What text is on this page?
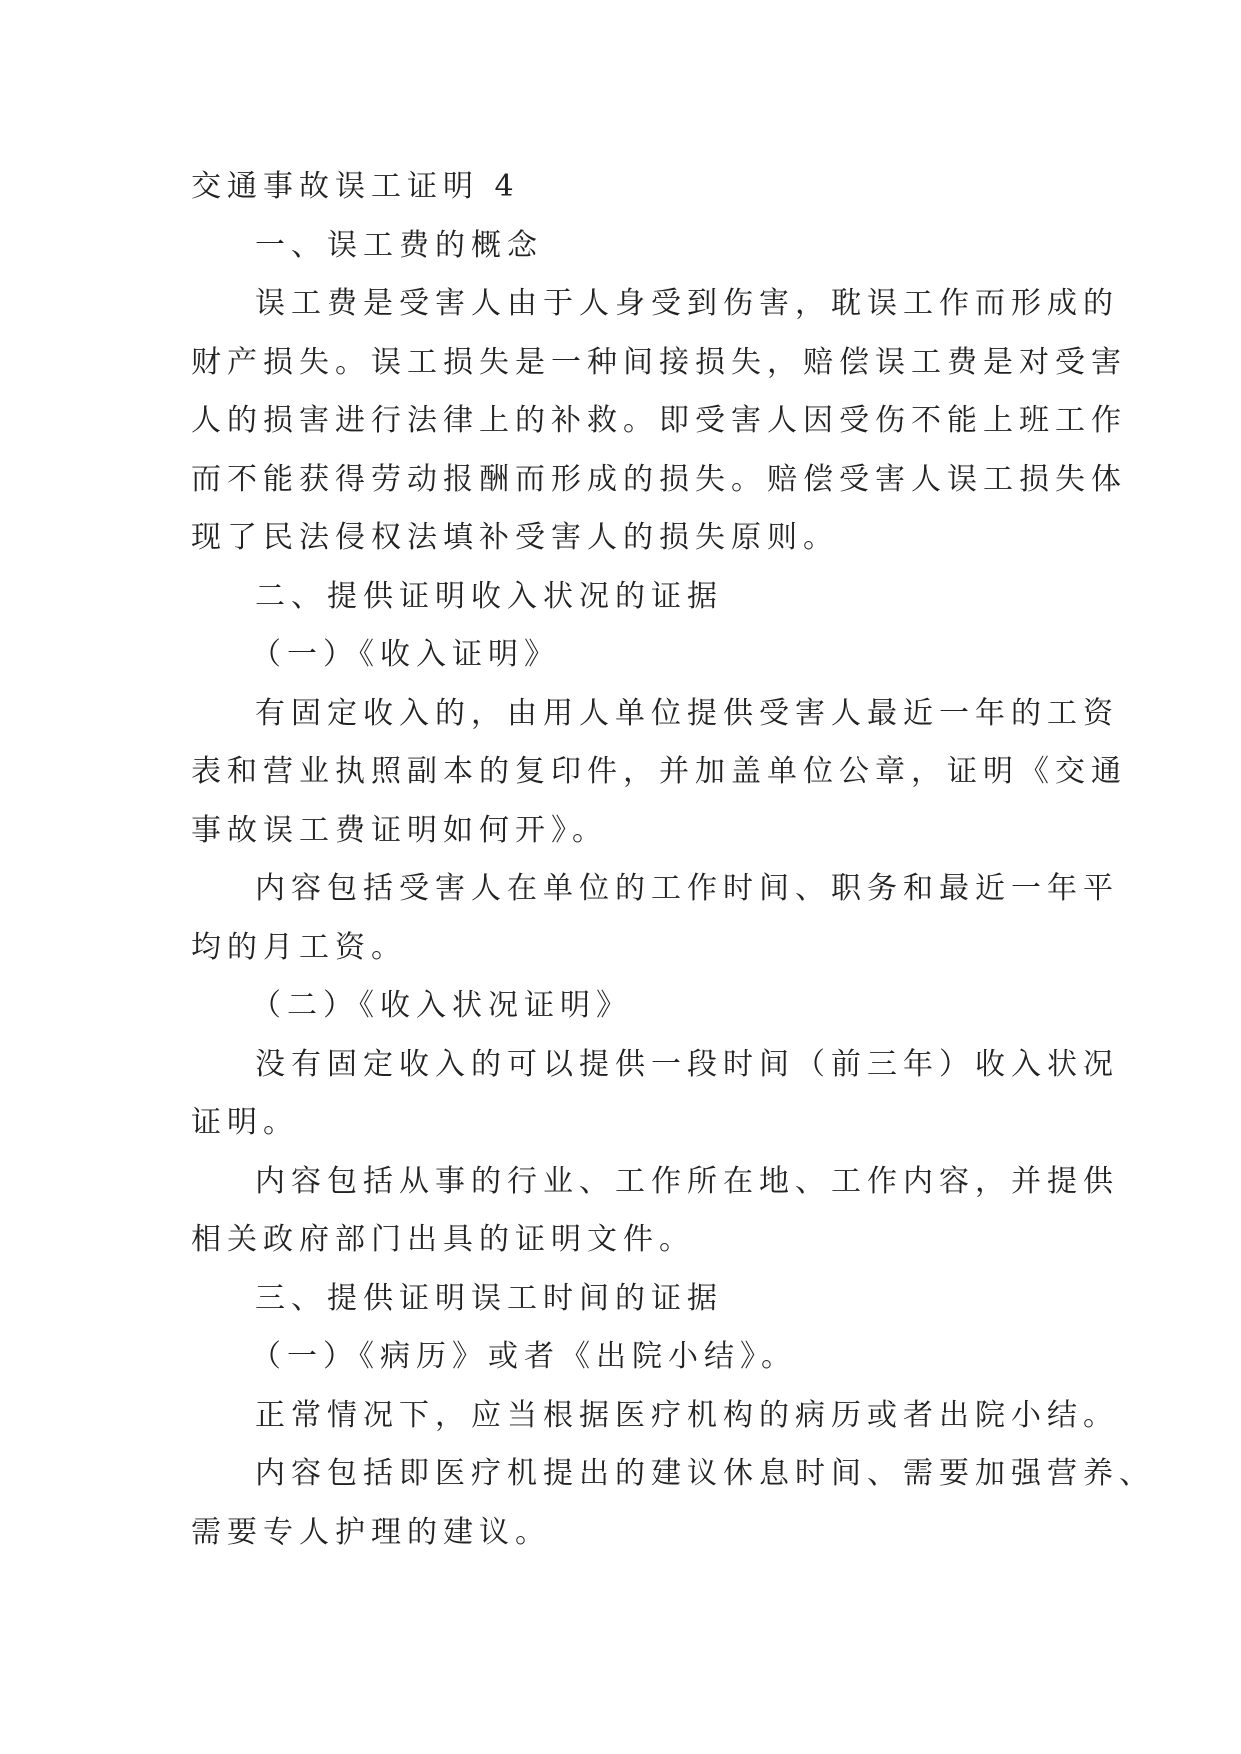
交通事故误工证明 4
一、误工费的概念
误工费是受害人由于人身受到伤害，耽误工作而形成的
财产损失。误工损失是一种间接损失，赔偿误工费是对受害
人的损害进行法律上的补救。即受害人因受伤不能上班工作
而不能获得劳动报酬而形成的损失。赔偿受害人误工损失体
现了民法侵权法填补受害人的损失原则。
二、提供证明收入状况的证据
（一）《收入证明》
有固定收入的，由用人单位提供受害人最近一年的工资
表和营业执照副本的复印件，并加盖单位公章，证明《交通
事故误工费证明如何开》。
内容包括受害人在单位的工作时间、职务和最近一年平
均的月工资。
（二）《收入状况证明》
没有固定收入的可以提供一段时间（前三年）收入状况
证明。
内容包括从事的行业、工作所在地、工作内容，并提供
相关政府部门出具的证明文件。
三、提供证明误工时间的证据
（一）《病历》或者《出院小结》。
正常情况下，应当根据医疗机构的病历或者出院小结。
内容包括即医疗机提出的建议休息时间、需要加强营养、
需要专人护理的建议。
